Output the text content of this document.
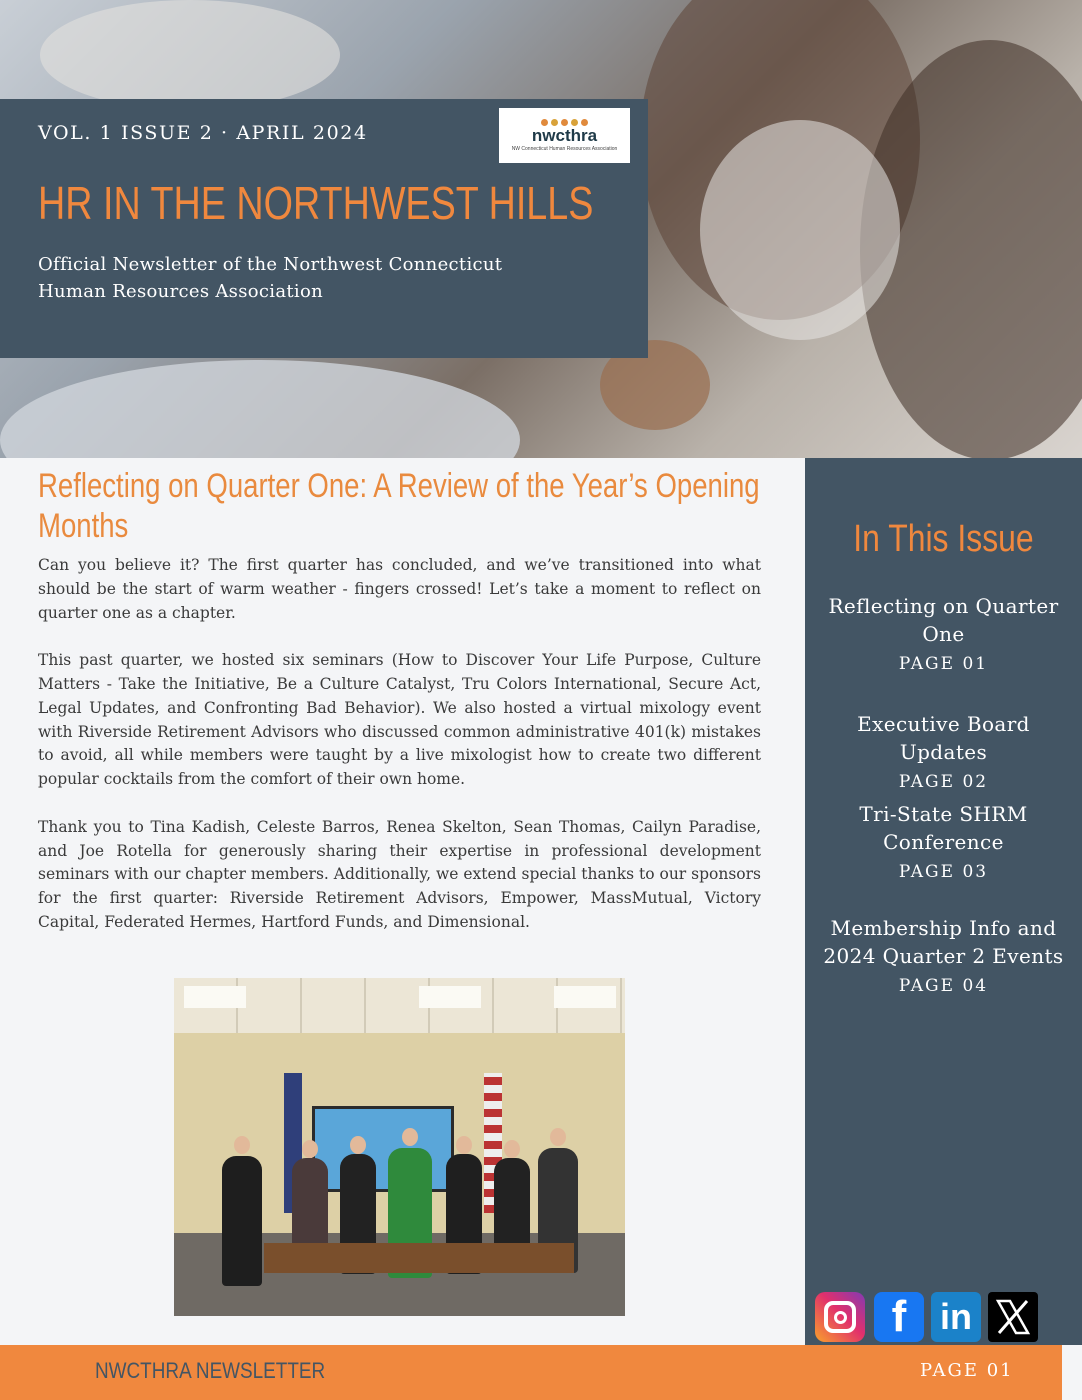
VOL. 1 ISSUE 2 · APRIL 2024	nwcthra
NW Connecticut Human Resources Association
HR IN THE NORTHWEST HILLS
Official Newsletter of the Northwest Connecticut Human Resources Association
Reflecting on Quarter One: A Review of the Year’s Opening Months

Can you believe it? The first quarter has concluded, and we’ve transitioned into what should be the start of warm weather - fingers crossed! Let’s take a moment to reflect on quarter one as a chapter.

This past quarter, we hosted six seminars (How to Discover Your Life Purpose, Culture Matters - Take the Initiative, Be a Culture Catalyst, Tru Colors International, Secure Act, Legal Updates, and Confronting Bad Behavior). We also hosted a virtual mixology event with Riverside Retirement Advisors who discussed common administrative 401(k) mistakes to avoid, all while members were taught by a live mixologist how to create two different popular cocktails from the comfort of their own home.

Thank you to Tina Kadish, Celeste Barros, Renea Skelton, Sean Thomas, Cailyn Paradise, and Joe Rotella for generously sharing their expertise in professional development seminars with our chapter members. Additionally, we extend special thanks to our sponsors for the first quarter: Riverside Retirement Advisors, Empower, MassMutual, Victory Capital, Federated Hermes, Hartford Funds, and Dimensional.

In This Issue
Reflecting on Quarter One
PAGE 01
Executive Board Updates
PAGE 02
Tri-State SHRM Conference
PAGE 03
Membership Info and 2024 Quarter 2 Events
PAGE 04
f in
NWCTHRA NEWSLETTER	PAGE 01
